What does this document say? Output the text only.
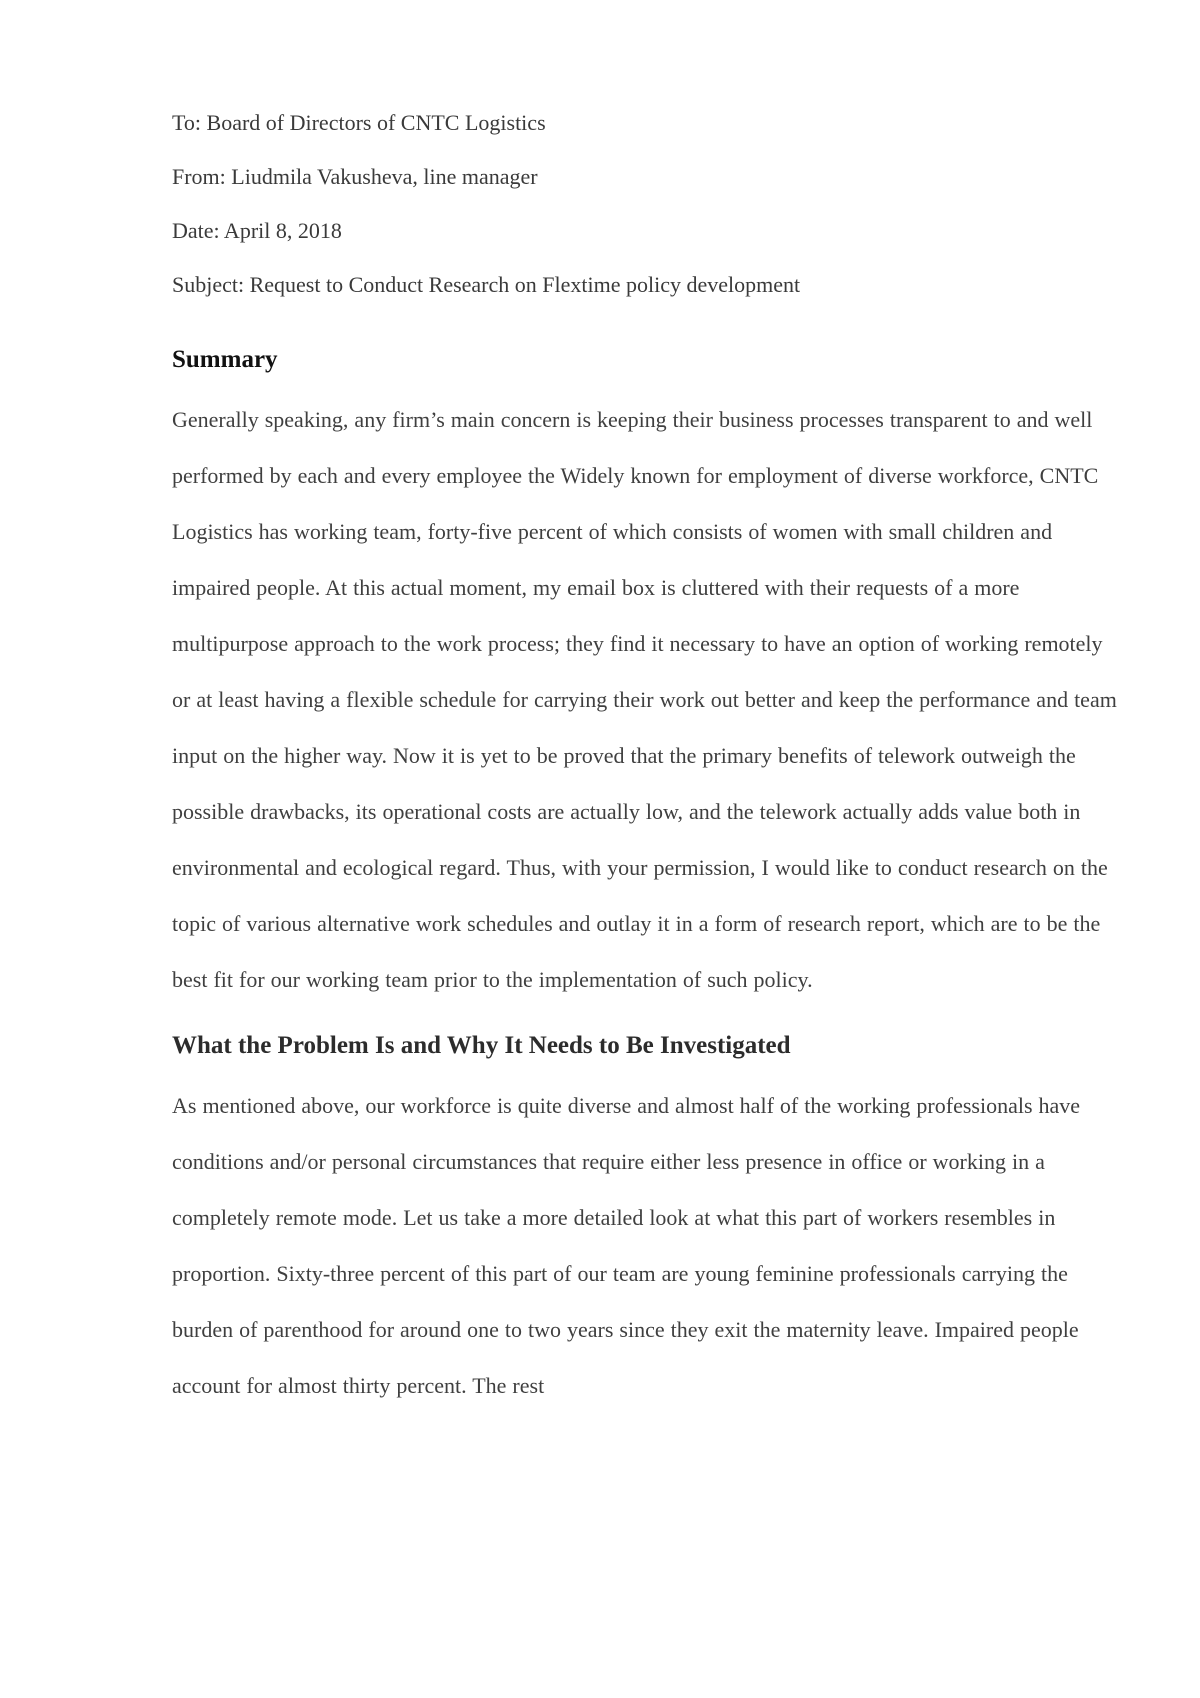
To: Board of Directors of CNTC Logistics

From: Liudmila Vakusheva, line manager

Date: April 8, 2018

Subject: Request to Conduct Research on Flextime policy development

Summary

Generally speaking, any firm’s main concern is keeping their business processes transparent to and well performed by each and every employee the Widely known for employment of diverse workforce, CNTC Logistics has working team, forty-five percent of which consists of women with small children and impaired people. At this actual moment, my email box is cluttered with their requests of a more multipurpose approach to the work process; they find it necessary to have an option of working remotely or at least having a flexible schedule for carrying their work out better and keep the performance and team input on the higher way. Now it is yet to be proved that the primary benefits of telework outweigh the possible drawbacks, its operational costs are actually low, and the telework actually adds value both in environmental and ecological regard. Thus, with your permission, I would like to conduct research on the topic of various alternative work schedules and outlay it in a form of research report, which are to be the best fit for our working team prior to the implementation of such policy.

What the Problem Is and Why It Needs to Be Investigated

As mentioned above, our workforce is quite diverse and almost half of the working professionals have conditions and/or personal circumstances that require either less presence in office or working in a completely remote mode. Let us take a more detailed look at what this part of workers resembles in proportion. Sixty-three percent of this part of our team are young feminine professionals carrying the burden of parenthood for around one to two years since they exit the maternity leave. Impaired people account for almost thirty percent. The rest
